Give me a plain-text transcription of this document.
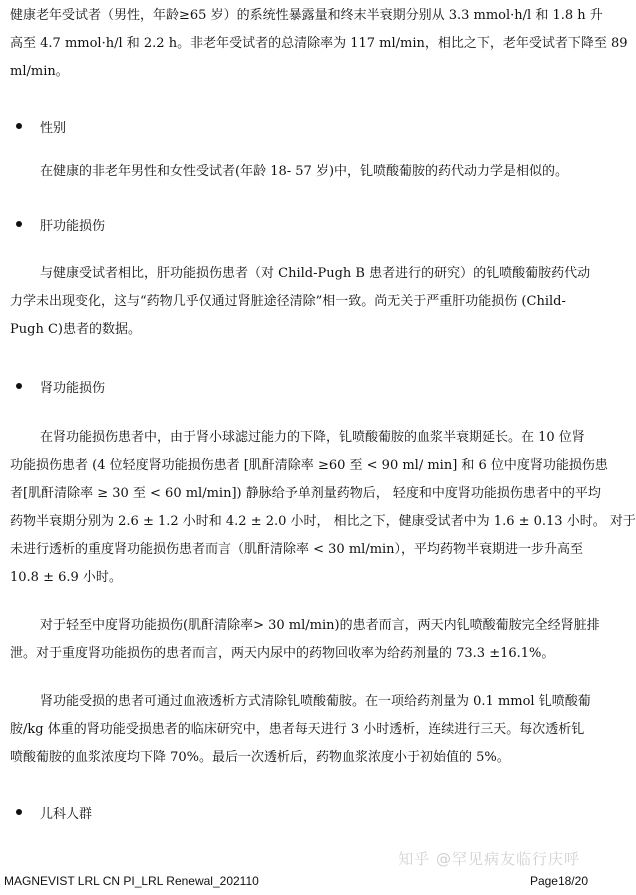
健康老年受试者（男性，年龄≥65 岁）的系统性暴露量和终末半衰期分别从 3.3 mmol·h/l 和 1.8 h 升
高至 4.7 mmol·h/l 和 2.2 h。非老年受试者的总清除率为 117 ml/min，相比之下，老年受试者下降至 89
ml/min。
性别
在健康的非老年男性和女性受试者(年龄 18- 57 岁)中，钆喷酸葡胺的药代动力学是相似的。
肝功能损伤
与健康受试者相比，肝功能损伤患者（对 Child-Pugh B 患者进行的研究）的钆喷酸葡胺药代动
力学未出现变化，这与“药物几乎仅通过肾脏途径清除”相一致。尚无关于严重肝功能损伤 (Child-
Pugh C)患者的数据。
肾功能损伤
在肾功能损伤患者中，由于肾小球滤过能力的下降，钆喷酸葡胺的血浆半衰期延长。在 10 位肾
功能损伤患者 (4 位轻度肾功能损伤患者 [肌酐清除率 ≥60 至 < 90 ml/ min] 和 6 位中度肾功能损伤患
者[肌酐清除率 ≥ 30 至 < 60 ml/min]) 静脉给予单剂量药物后， 轻度和中度肾功能损伤患者中的平均
药物半衰期分别为 2.6 ± 1.2 小时和 4.2 ± 2.0 小时， 相比之下，健康受试者中为 1.6 ± 0.13 小时。 对于
未进行透析的重度肾功能损伤患者而言（肌酐清除率 < 30 ml/min），平均药物半衰期进一步升高至
10.8 ± 6.9 小时。
对于轻至中度肾功能损伤(肌酐清除率> 30 ml/min)的患者而言，两天内钆喷酸葡胺完全经肾脏排
泄。对于重度肾功能损伤的患者而言，两天内尿中的药物回收率为给药剂量的 73.3 ±16.1%。
肾功能受损的患者可通过血液透析方式清除钆喷酸葡胺。在一项给药剂量为 0.1 mmol 钆喷酸葡
胺/kg 体重的肾功能受损患者的临床研究中，患者每天进行 3 小时透析，连续进行三天。每次透析钆
喷酸葡胺的血浆浓度均下降 70%。最后一次透析后，药物血浆浓度小于初始值的 5%。
儿科人群
知乎 @罕见病友临行庆呼
MAGNEVIST LRL CN PI_LRL Renewal_202110	Page18/20
